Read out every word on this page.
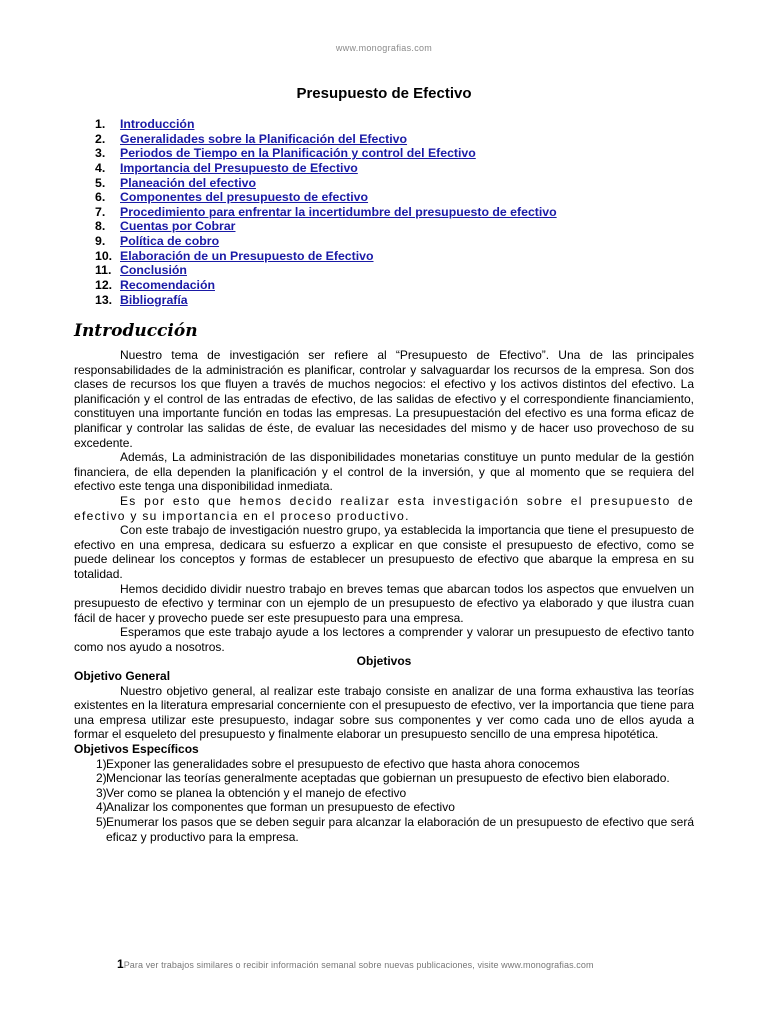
www.monografias.com
Presupuesto de Efectivo
1. Introducción
2. Generalidades sobre la Planificación del Efectivo
3. Periodos de Tiempo en la Planificación y control del Efectivo
4. Importancia del Presupuesto de Efectivo
5. Planeación del efectivo
6. Componentes del presupuesto de efectivo
7. Procedimiento para enfrentar la incertidumbre del presupuesto de efectivo
8. Cuentas por Cobrar
9. Política de cobro
10. Elaboración de un Presupuesto de Efectivo
11. Conclusión
12. Recomendación
13. Bibliografía
Introducción

Nuestro tema de investigación ser refiere al “Presupuesto de Efectivo”. Una de las principales responsabilidades de la administración es planificar, controlar y salvaguardar los recursos de la empresa. Son dos clases de recursos los que fluyen a través de muchos negocios: el efectivo y los activos distintos del efectivo. La planificación y el control de las entradas de efectivo, de las salidas de efectivo y el correspondiente financiamiento, constituyen una importante función en todas las empresas. La presupuestación del efectivo es una forma eficaz de planificar y controlar las salidas de éste, de evaluar las necesidades del mismo y de hacer uso provechoso de su excedente.

Además, La administración de las disponibilidades monetarias constituye un punto medular de la gestión financiera, de ella dependen la planificación y el control de la inversión, y que al momento que se requiera del efectivo este tenga una disponibilidad inmediata.

Es por esto que hemos decido realizar esta investigación sobre el presupuesto de efectivo y su importancia en el proceso productivo.

Con este trabajo de investigación nuestro grupo, ya establecida la importancia que tiene el presupuesto de efectivo en una empresa, dedicara su esfuerzo a explicar en que consiste el presupuesto de efectivo, como se puede delinear los conceptos y formas de establecer un presupuesto de efectivo que abarque la empresa en su totalidad.

Hemos decidido dividir nuestro trabajo en breves temas que abarcan todos los aspectos que envuelven un presupuesto de efectivo y terminar con un ejemplo de un presupuesto de efectivo ya elaborado y que ilustra cuan fácil de hacer y provecho puede ser este presupuesto para una empresa.

Esperamos que este trabajo ayude a los lectores a comprender y valorar un presupuesto de efectivo tanto como nos ayudo a nosotros.

Objetivos
Objetivo General

Nuestro objetivo general, al realizar este trabajo consiste en analizar de una forma exhaustiva las teorías existentes en la literatura empresarial concerniente con el presupuesto de efectivo, ver la importancia que tiene para una empresa utilizar este presupuesto, indagar sobre sus componentes y ver como cada uno de ellos ayuda a formar el esqueleto del presupuesto y finalmente elaborar un presupuesto sencillo de una empresa hipotética.

Objetivos Específicos
1) Exponer las generalidades sobre el presupuesto de efectivo que hasta ahora conocemos
2) Mencionar las teorías generalmente aceptadas que gobiernan un presupuesto de efectivo bien elaborado.
3) Ver como se planea la obtención y el manejo de efectivo
4) Analizar los componentes que forman un presupuesto de efectivo
5) Enumerar los pasos que se deben seguir para alcanzar la elaboración de un presupuesto de efectivo que será eficaz y productivo para la empresa.
1Para ver trabajos similares o recibir información semanal sobre nuevas publicaciones, visite www.monografias.com
